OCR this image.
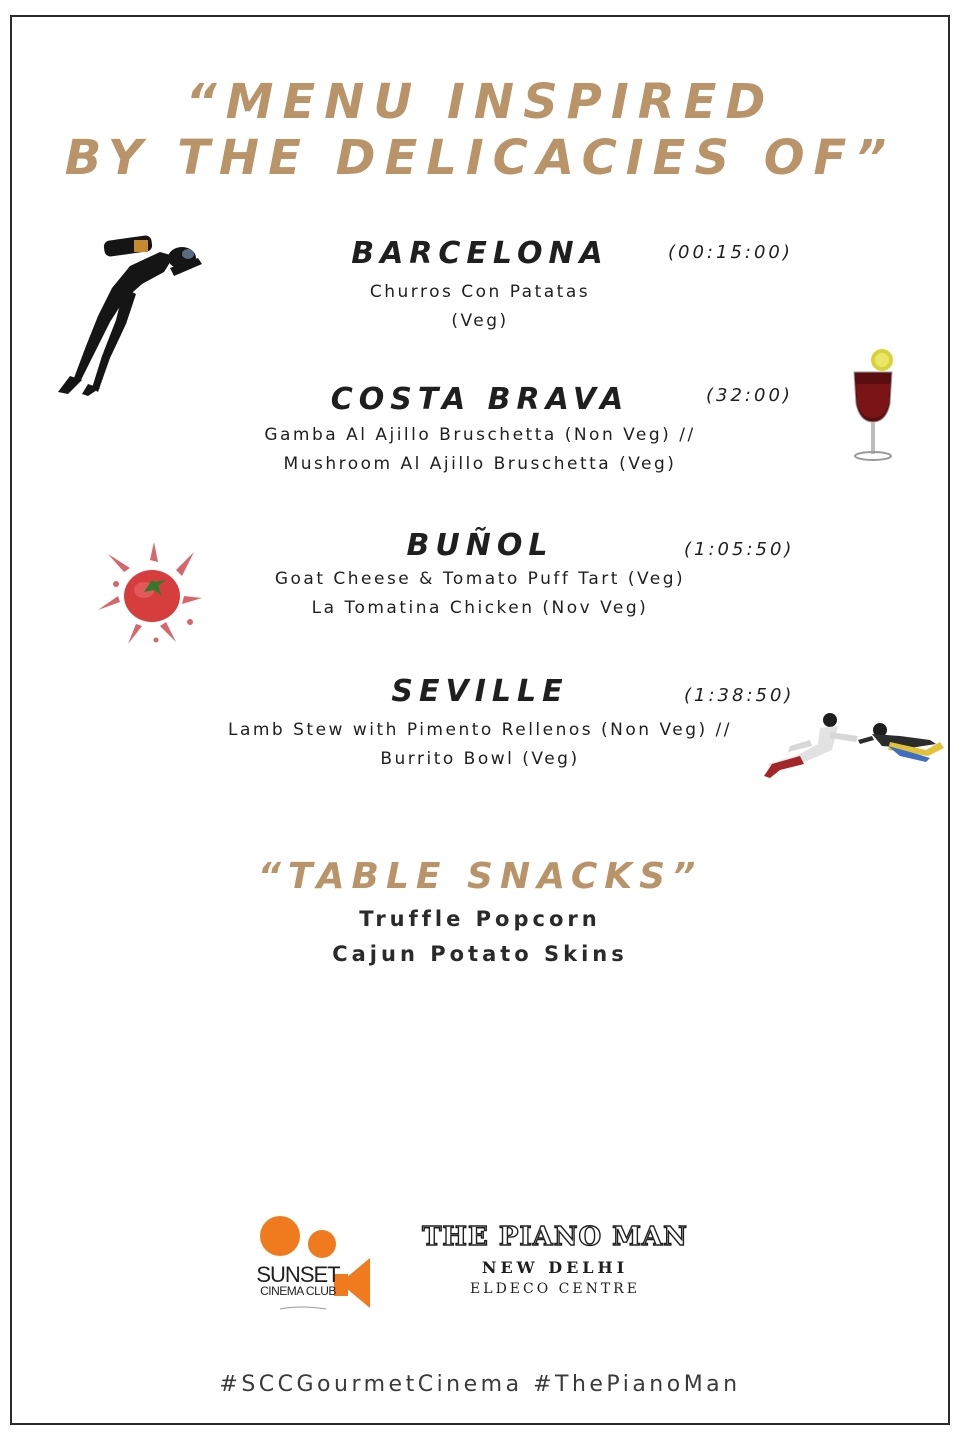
“MENU INSPIRED
BY THE DELICACIES OF”
BARCELONA	(00:15:00)
Churros Con Patatas
(Veg)
COSTA BRAVA	(32:00)
Gamba Al Ajillo Bruschetta (Non Veg) //
Mushroom Al Ajillo Bruschetta (Veg)
BUÑOL	(1:05:50)
Goat Cheese & Tomato Puff Tart (Veg)
La Tomatina Chicken (Nov Veg)
SEVILLE	(1:38:50)
Lamb Stew with Pimento Rellenos (Non Veg) //
Burrito Bowl (Veg)
“TABLE SNACKS”
Truffle Popcorn
Cajun Potato Skins
SUNSET
CINEMA CLUB
THE PIANO MAN
NEW DELHI
ELDECO CENTRE
#SCCGourmetCinema #ThePianoMan
